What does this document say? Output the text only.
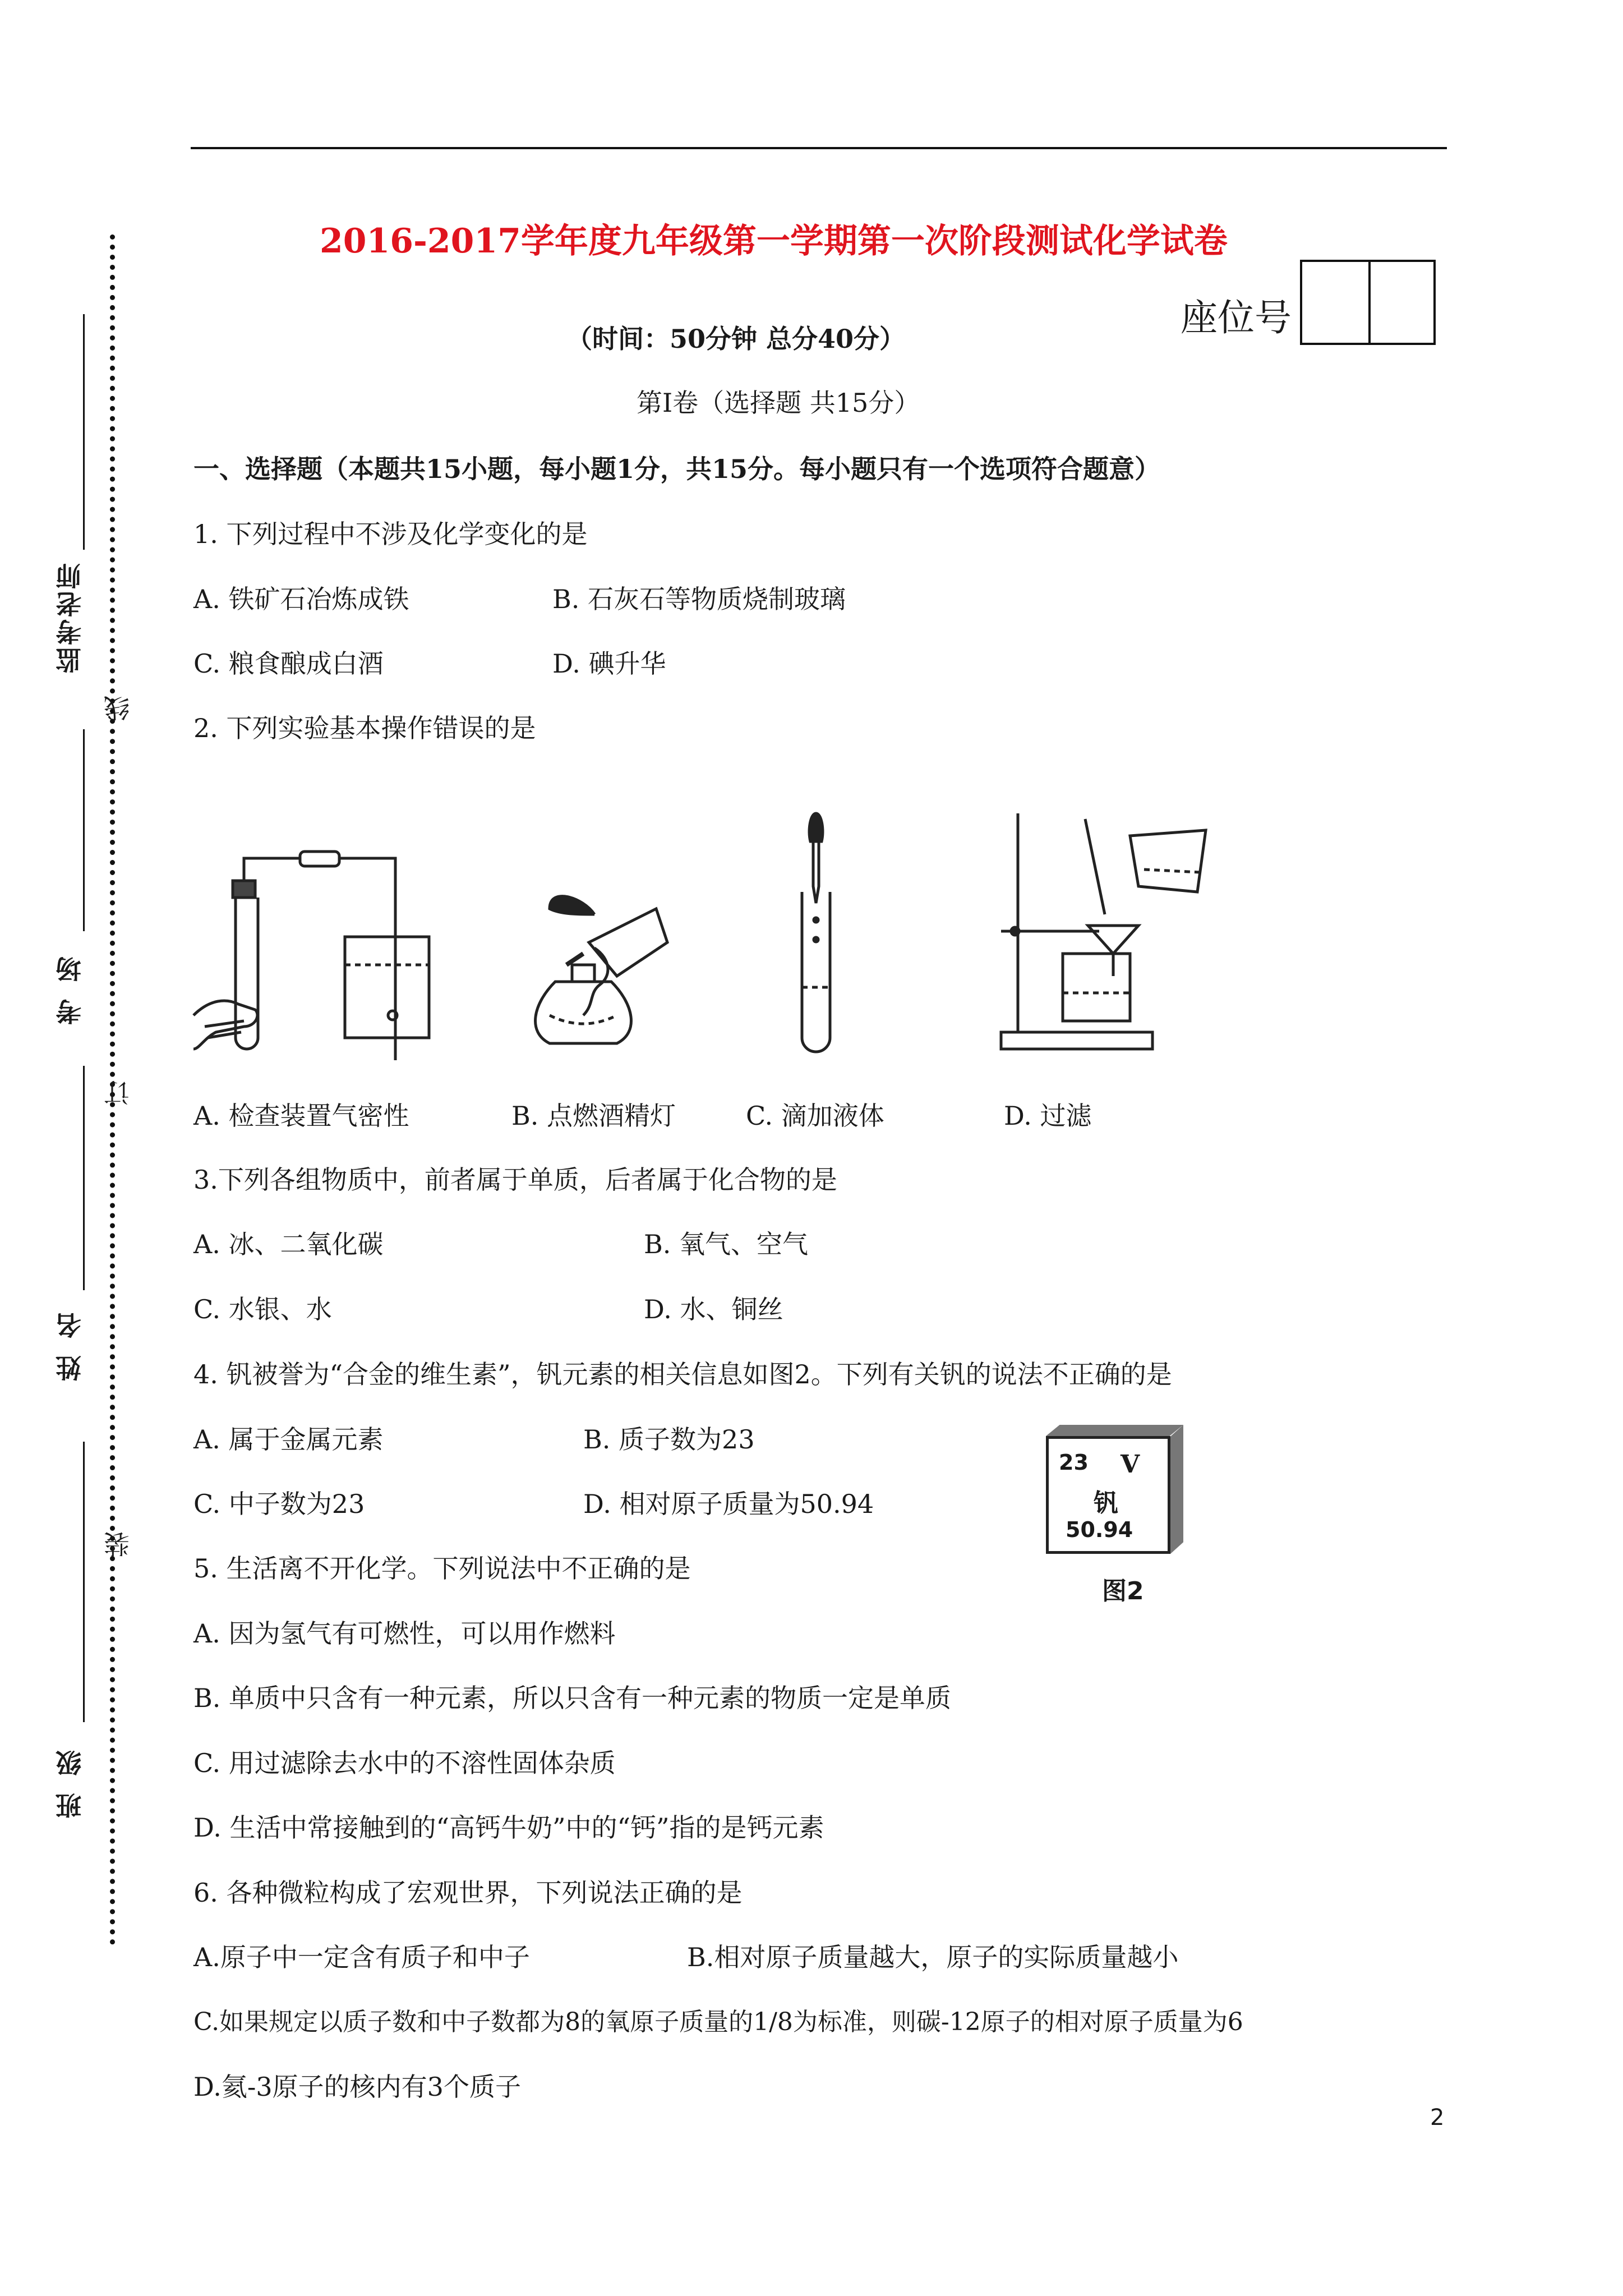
监考老师
线
考场
订
姓名
装
班级
2016-2017学年度九年级第一学期第一次阶段测试化学试卷
座位号
（时间：50分钟 总分40分）
第Ⅰ卷（选择题 共15分）
一、选择题（本题共15小题，每小题1分，共15分。每小题只有一个选项符合题意）
1. 下列过程中不涉及化学变化的是
A. 铁矿石冶炼成铁	B. 石灰石等物质烧制玻璃
C. 粮食酿成白酒	D. 碘升华
2. 下列实验基本操作错误的是
A. 检查装置气密性	B. 点燃酒精灯	C. 滴加液体	D. 过滤
3.下列各组物质中，前者属于单质，后者属于化合物的是
A. 冰、二氧化碳	B. 氧气、空气
C. 水银、水	D. 水、铜丝
4. 钒被誉为“合金的维生素”，钒元素的相关信息如图2。下列有关钒的说法不正确的是
A. 属于金属元素	B. 质子数为23
C. 中子数为23	D. 相对原子质量为50.94
23 V
钒
50.94
图2
5. 生活离不开化学。下列说法中不正确的是
A. 因为氢气有可燃性，可以用作燃料
B. 单质中只含有一种元素，所以只含有一种元素的物质一定是单质
C. 用过滤除去水中的不溶性固体杂质
D. 生活中常接触到的“高钙牛奶”中的“钙”指的是钙元素
6. 各种微粒构成了宏观世界，下列说法正确的是
A.原子中一定含有质子和中子	B.相对原子质量越大，原子的实际质量越小
C.如果规定以质子数和中子数都为8的氧原子质量的1/8为标准，则碳-12原子的相对原子质量为6
D.氦-3原子的核内有3个质子
2
